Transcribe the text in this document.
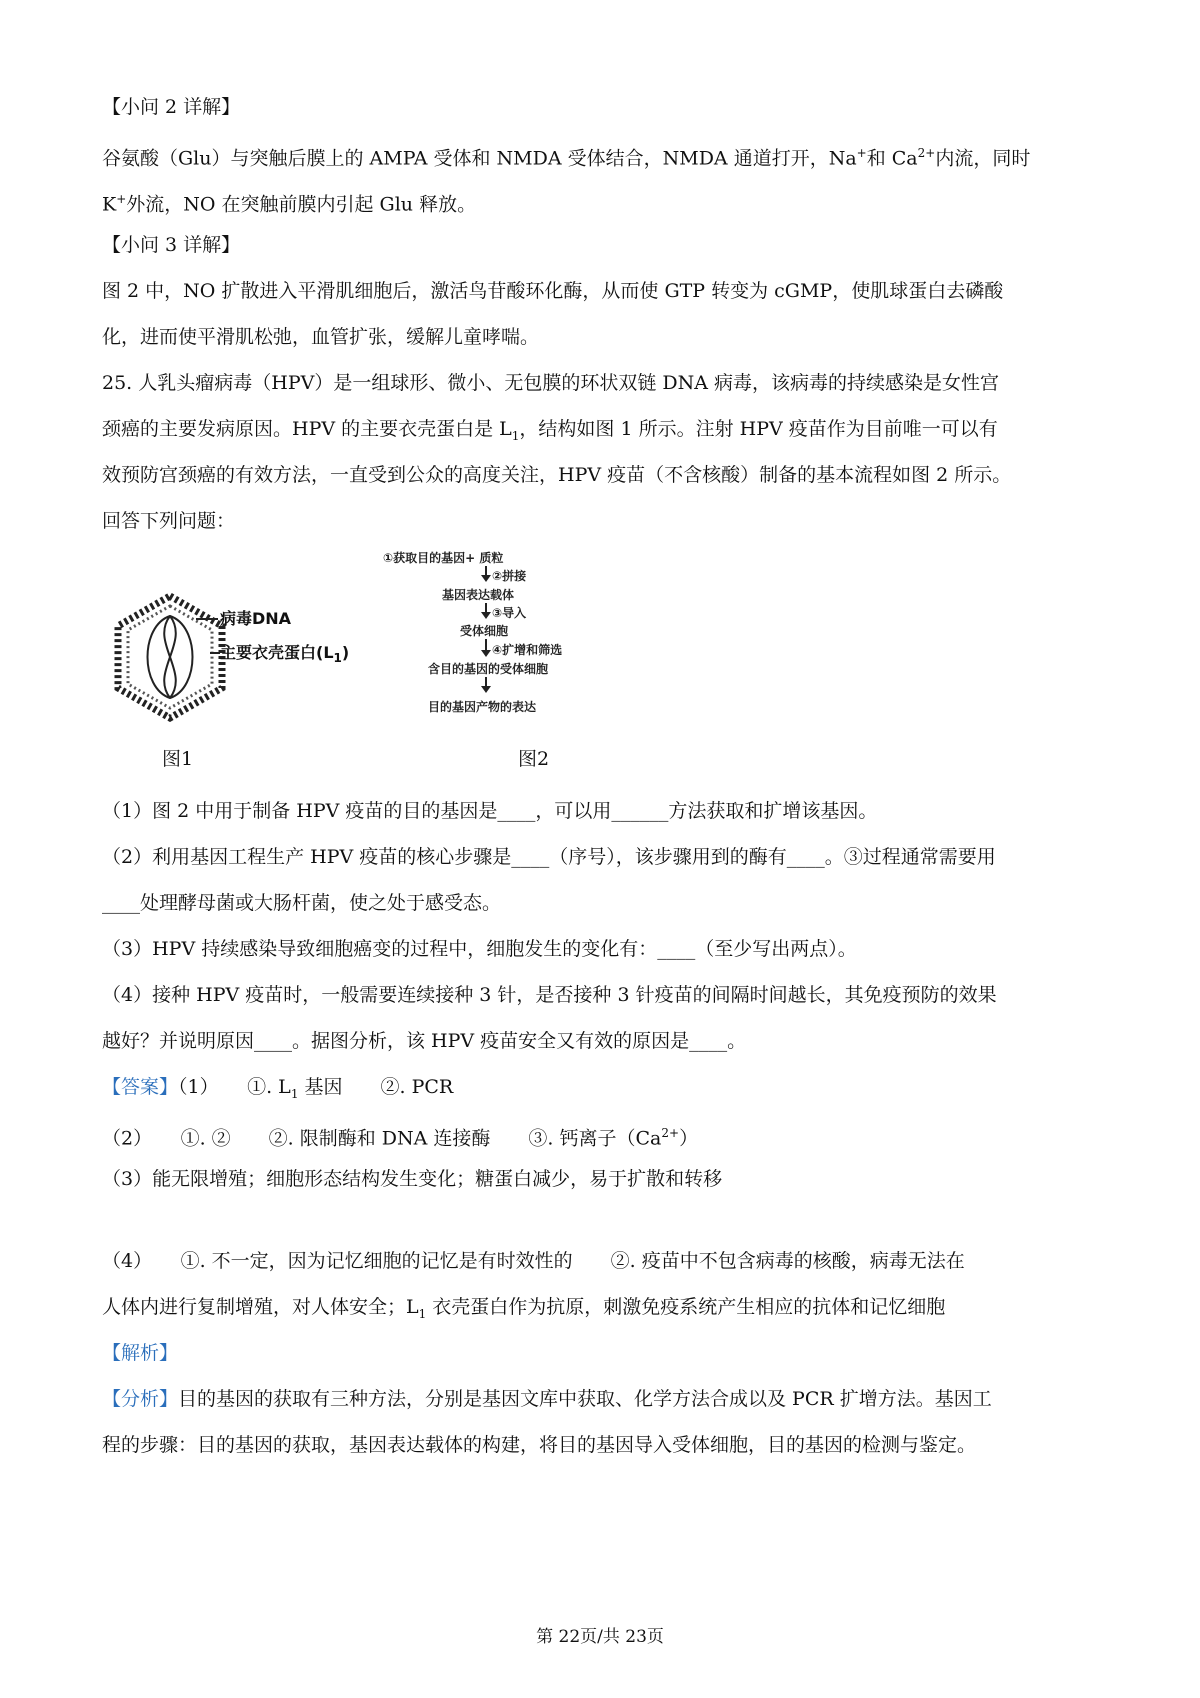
【小问 2 详解】
谷氨酸（Glu）与突触后膜上的 AMPA 受体和 NMDA 受体结合，NMDA 通道打开，Na+和 $Ca^{2+}$内流，同时
K+外流，NO 在突触前膜内引起 Glu 释放。
【小问 3 详解】
图 2 中，NO 扩散进入平滑肌细胞后，激活鸟苷酸环化酶，从而使 GTP 转变为 cGMP，使肌球蛋白去磷酸
化，进而使平滑肌松弛，血管扩张，缓解儿童哮喘。
25. 人乳头瘤病毒（HPV）是一组球形、微小、无包膜的环状双链 DNA 病毒，该病毒的持续感染是女性宫
颈癌的主要发病原因。HPV 的主要衣壳蛋白是 $L_1$，结构如图 1 所示。注射 HPV 疫苗作为目前唯一可以有
效预防宫颈癌的有效方法，一直受到公众的高度关注，HPV 疫苗（不含核酸）制备的基本流程如图 2 所示。
回答下列问题：
病毒DNA
主要衣壳蛋白$(L_1)$
图1
①获取目的基因+ 质粒
②拼接
基因表达载体
③导入
受体细胞
④扩增和筛选
含目的基因的受体细胞
目的基因产物的表达
图2
（1）图 2 中用于制备 HPV 疫苗的目的基因是____，可以用______方法获取和扩增该基因。
（2）利用基因工程生产 HPV 疫苗的核心步骤是____（序号），该步骤用到的酶有____。③过程通常需要用
____处理酵母菌或大肠杆菌，使之处于感受态。
（3）HPV 持续感染导致细胞癌变的过程中，细胞发生的变化有：____（至少写出两点）。
（4）接种 HPV 疫苗时，一般需要连续接种 3 针，是否接种 3 针疫苗的间隔时间越长，其免疫预防的效果
越好？并说明原因____。据图分析，该 HPV 疫苗安全又有效的原因是____。
【答案】（1）　　①. $L_1$ 基因　　②. PCR
（2）　　①. ②　　②. 限制酶和 DNA 连接酶　　③. 钙离子$(Ca^{2+})$
（3）能无限增殖；细胞形态结构发生变化；糖蛋白减少，易于扩散和转移
（4）　　①. 不一定，因为记忆细胞的记忆是有时效性的　　②. 疫苗中不包含病毒的核酸，病毒无法在
人体内进行复制增殖，对人体安全；$L_1$ 衣壳蛋白作为抗原，刺激免疫系统产生相应的抗体和记忆细胞
【解析】
【分析】目的基因的获取有三种方法，分别是基因文库中获取、化学方法合成以及 PCR 扩增方法。基因工
程的步骤：目的基因的获取，基因表达载体的构建，将目的基因导入受体细胞，目的基因的检测与鉴定。
第 22页/共 23页
